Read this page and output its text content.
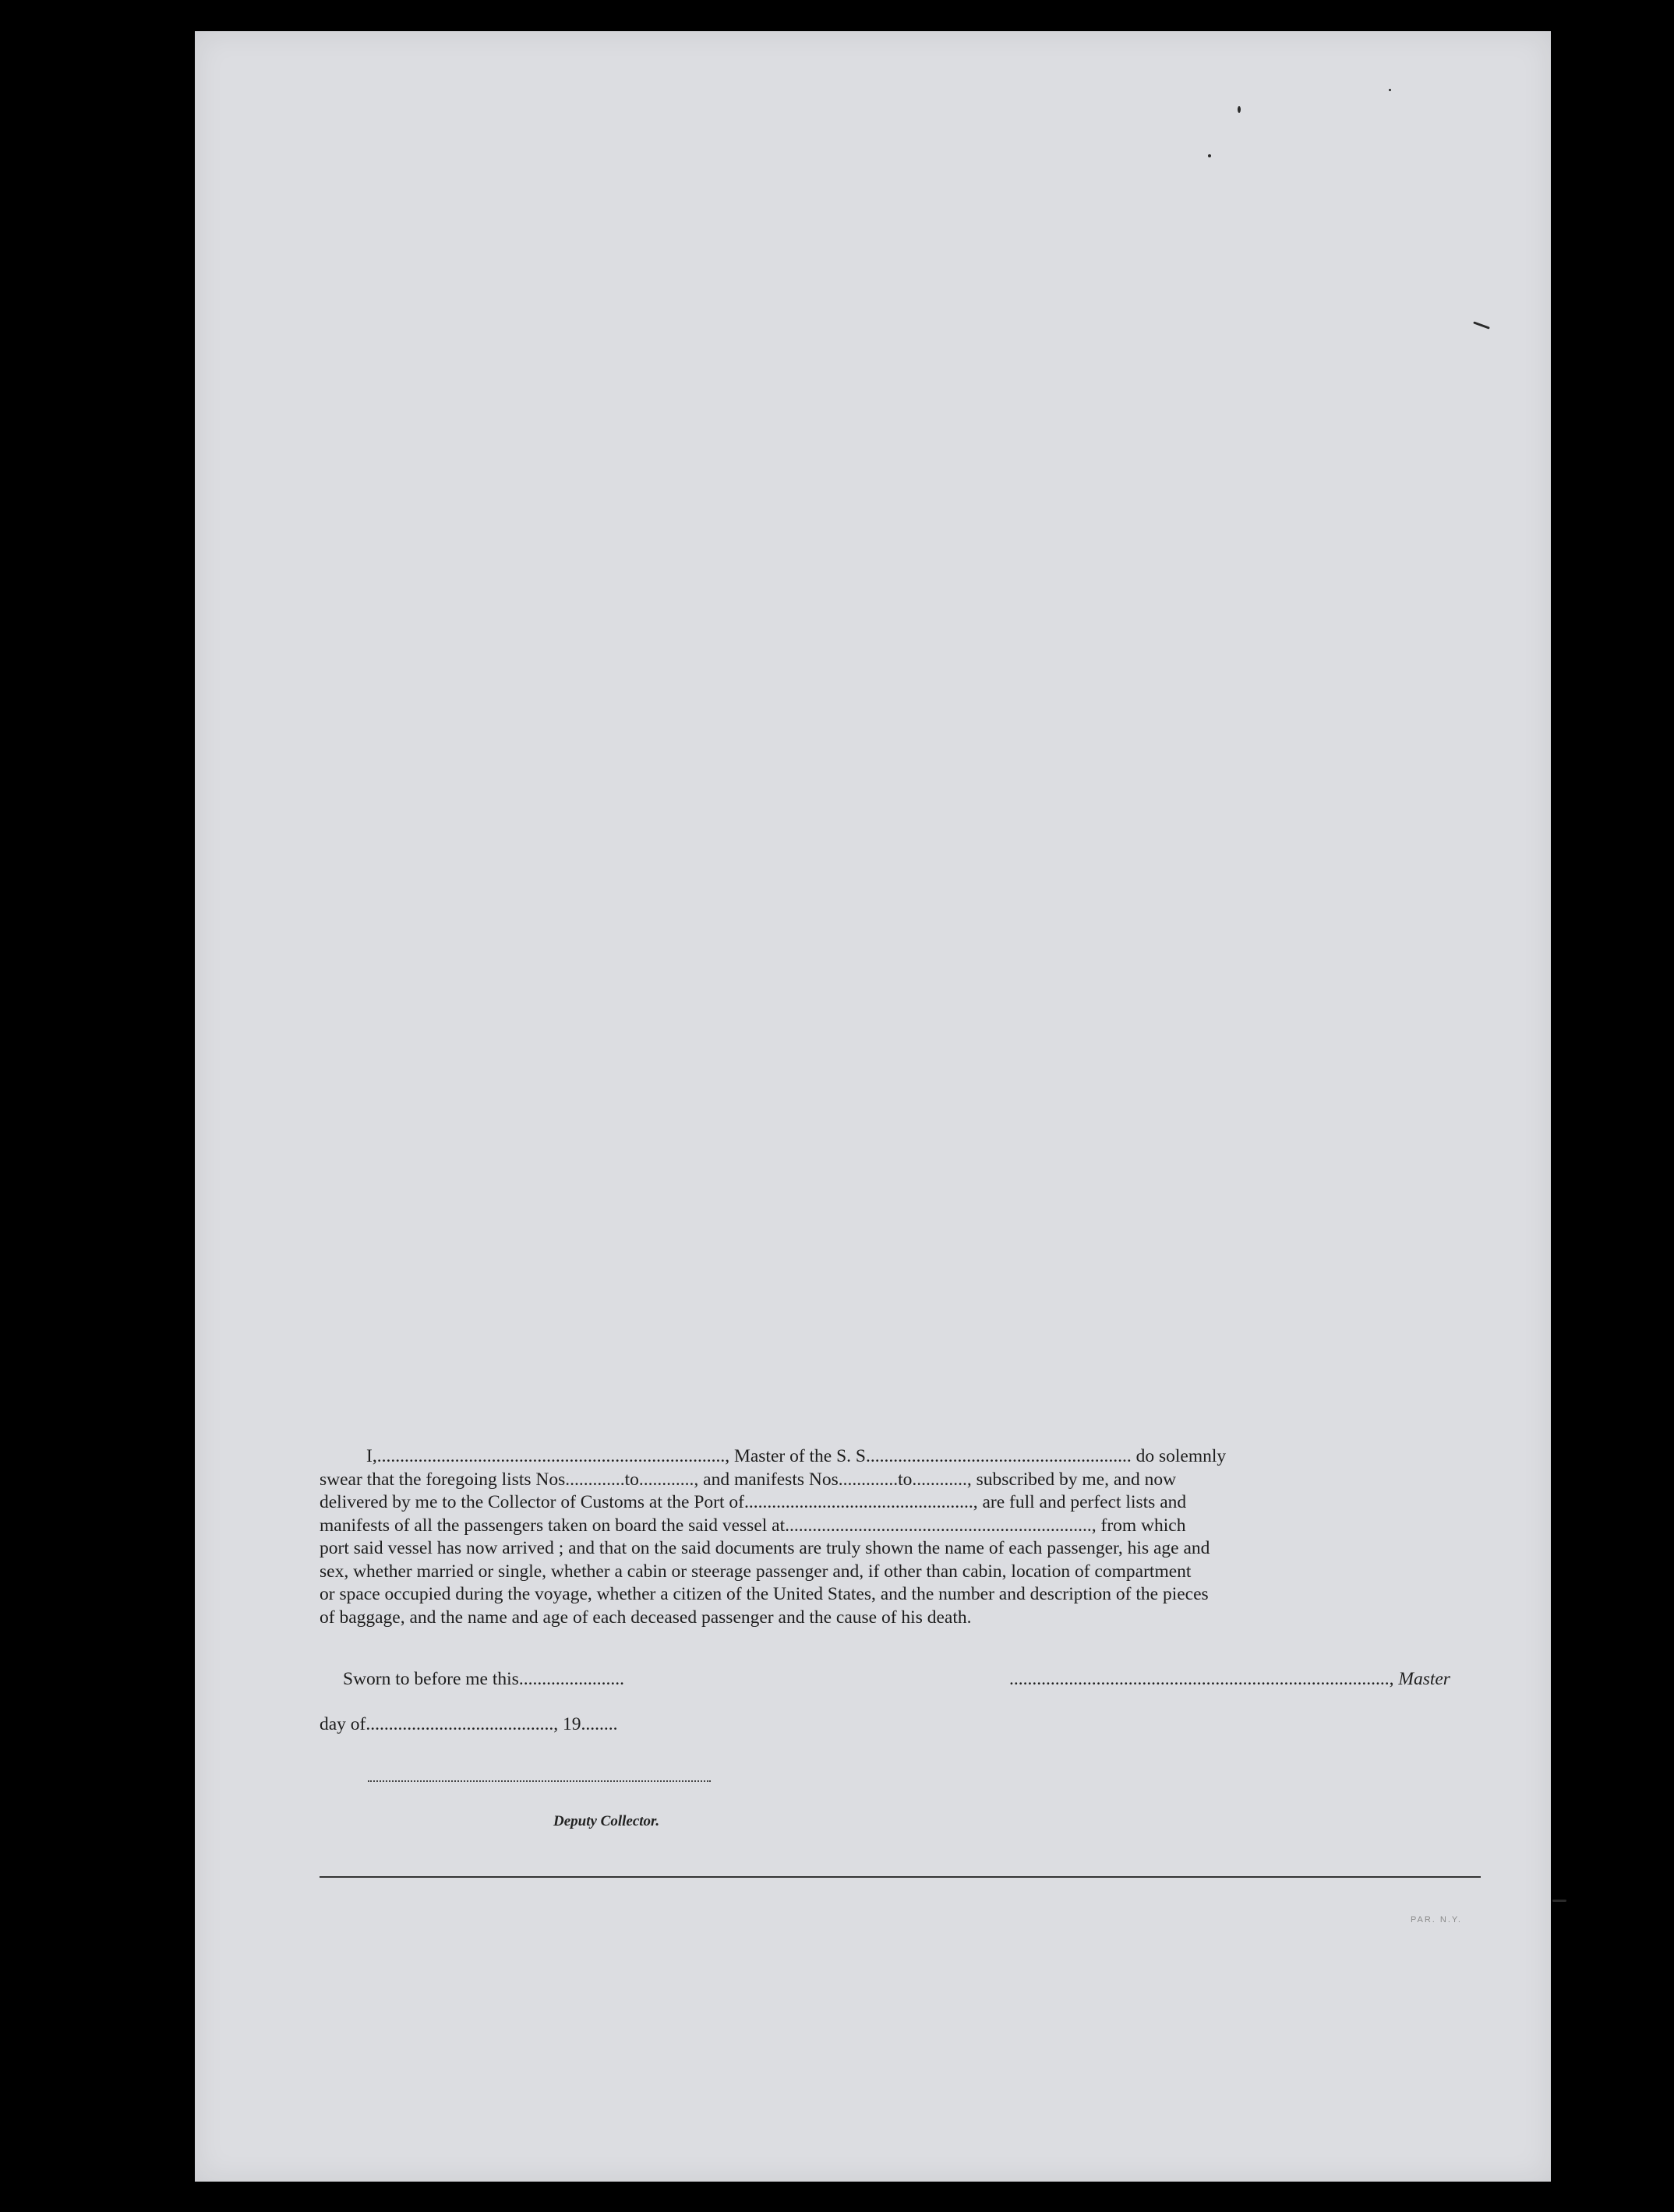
I,............................................................................, Master of the S. S.......................................................... do solemnly
swear that the foregoing lists Nos.............to............, and manifests Nos.............to............, subscribed by me, and now
delivered by me to the Collector of Customs at the Port of.................................................., are full and perfect lists and
manifests of all the passengers taken on board the said vessel at..................................................................., from which
port said vessel has now arrived ; and that on the said documents are truly shown the name of each passenger, his age and
sex, whether married or single, whether a cabin or steerage passenger and, if other than cabin, location of compartment
or space occupied during the voyage, whether a citizen of the United States, and the number and description of the pieces
of baggage, and the name and age of each deceased passenger and the cause of his death.
Sworn to before me this.......................	..................................................................................., Master
day of........................................., 19........
Deputy Collector.
PAR. N.Y.
